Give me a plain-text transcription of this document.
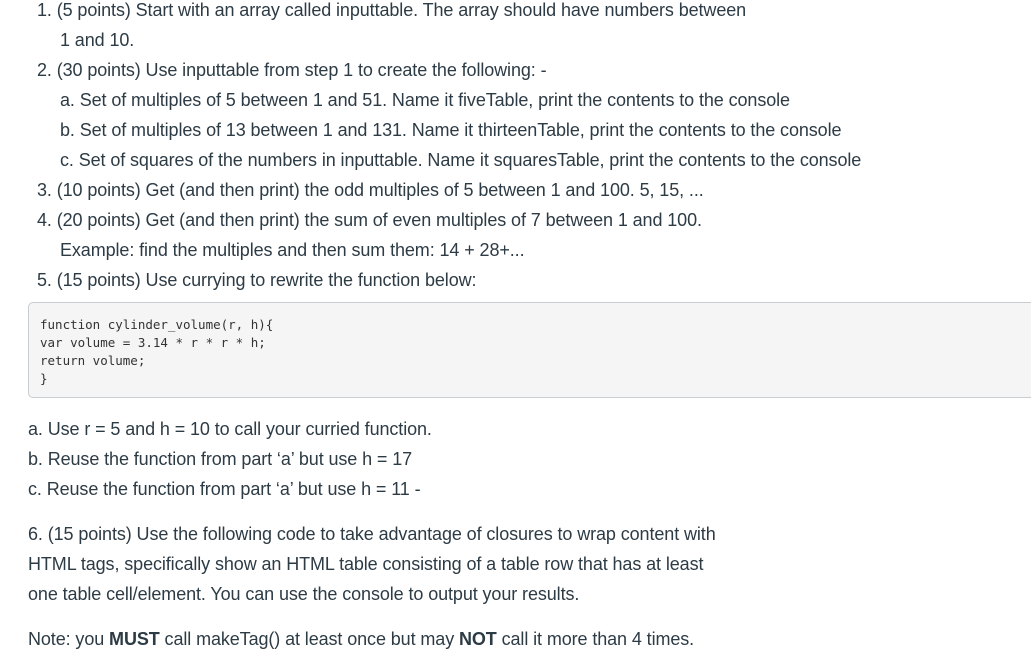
1. (5 points) Start with an array called inputtable. The array should have numbers between
1 and 10.
2. (30 points) Use inputtable from step 1 to create the following: -
a. Set of multiples of 5 between 1 and 51. Name it fiveTable, print the contents to the console
b. Set of multiples of 13 between 1 and 131. Name it thirteenTable, print the contents to the console
c. Set of squares of the numbers in inputtable. Name it squaresTable, print the contents to the console
3. (10 points) Get (and then print) the odd multiples of 5 between 1 and 100. 5, 15, ...
4. (20 points) Get (and then print) the sum of even multiples of 7 between 1 and 100.
Example: find the multiples and then sum them: 14 + 28+...
5. (15 points) Use currying to rewrite the function below:
function cylinder_volume(r, h){
var volume = 3.14 * r * r * h;
return volume;
}
a. Use r = 5 and h = 10 to call your curried function.
b. Reuse the function from part ‘a’ but use h = 17
c. Reuse the function from part ‘a’ but use h = 11 -
6. (15 points) Use the following code to take advantage of closures to wrap content with
HTML tags, specifically show an HTML table consisting of a table row that has at least
one table cell/element. You can use the console to output your results.
Note: you MUST call makeTag() at least once but may NOT call it more than 4 times.
